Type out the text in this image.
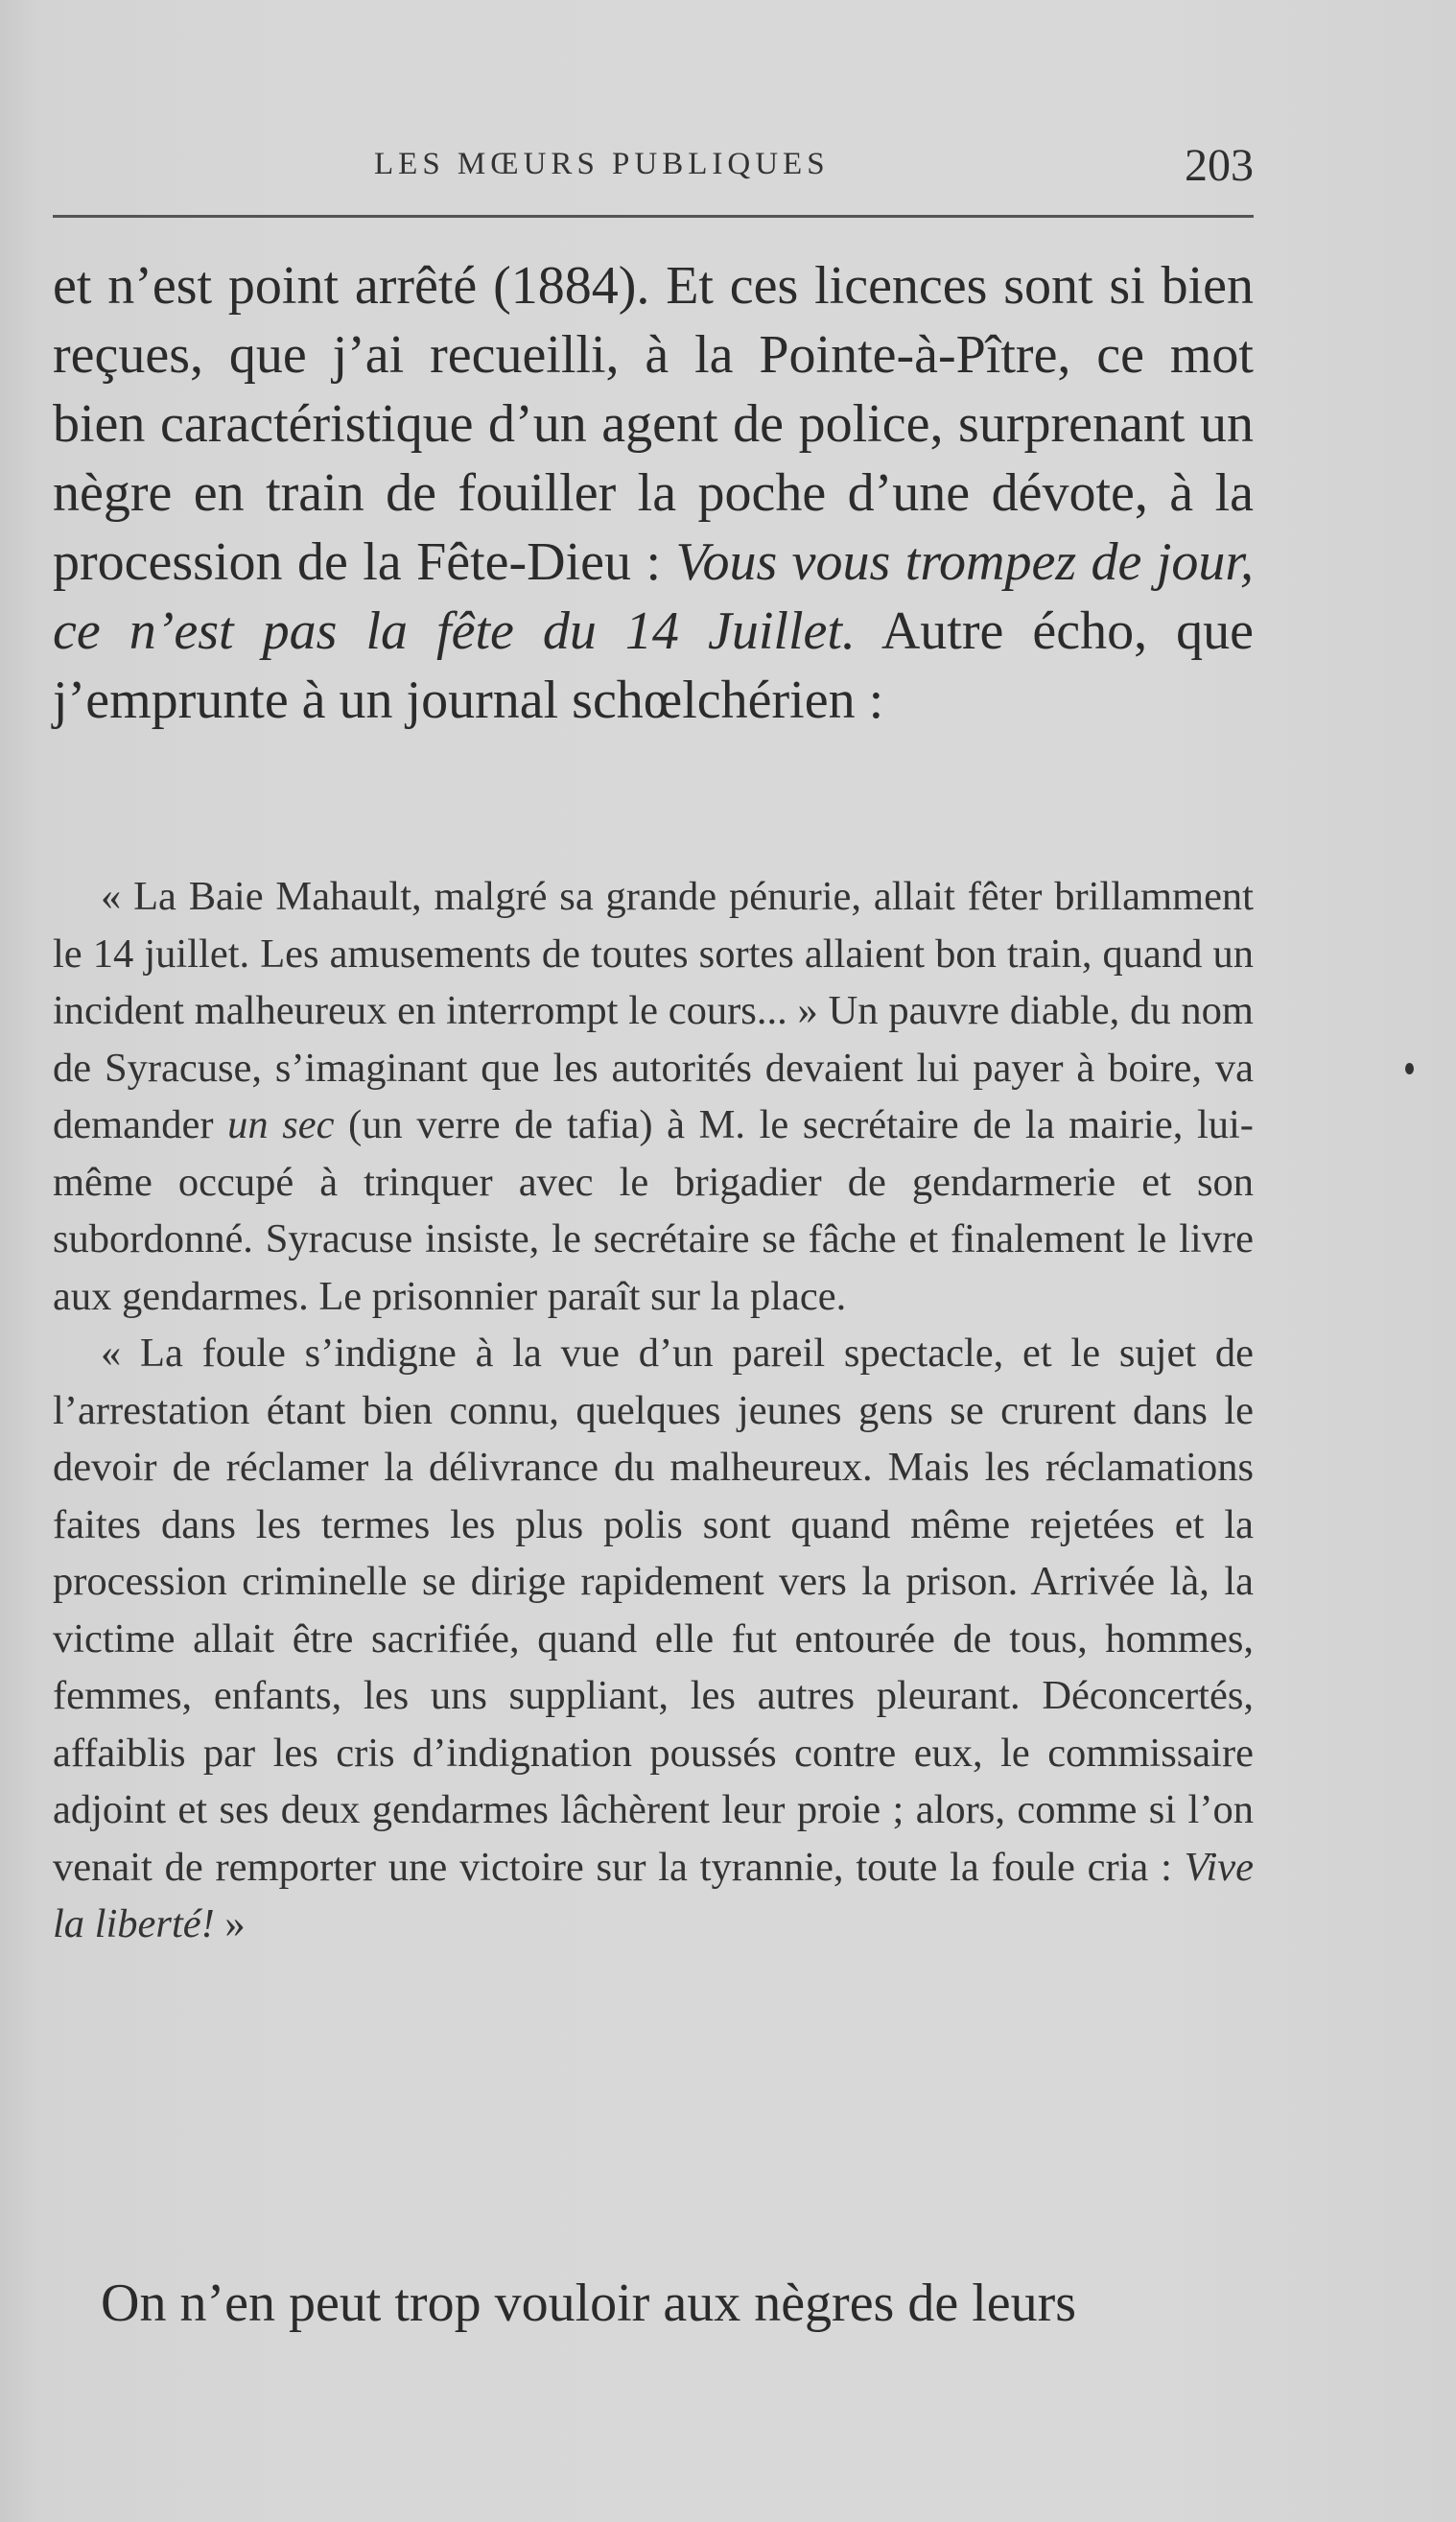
LES MŒURS PUBLIQUES	203

et n’est point arrêté (1884). Et ces licences sont si bien reçues, que j’ai recueilli, à la Pointe-à-Pître, ce mot bien caractéristique d’un agent de police, surprenant un nègre en train de fouiller la poche d’une dévote, à la procession de la Fête-Dieu : Vous vous trompez de jour, ce n’est pas la fête du 14 Juillet. Autre écho, que j’emprunte à un journal schœlchérien :

« La Baie Mahault, malgré sa grande pénurie, allait fêter brillamment le 14 juillet. Les amusements de toutes sortes allaient bon train, quand un incident malheureux en interrompt le cours... » Un pauvre diable, du nom de Syracuse, s’imaginant que les autorités devaient lui payer à boire, va demander un sec (un verre de tafia) à M. le secrétaire de la mairie, lui-même occupé à trinquer avec le brigadier de gendarmerie et son subordonné. Syracuse insiste, le secrétaire se fâche et finalement le livre aux gendarmes. Le prisonnier paraît sur la place.

« La foule s’indigne à la vue d’un pareil spectacle, et le sujet de l’arrestation étant bien connu, quelques jeunes gens se crurent dans le devoir de réclamer la délivrance du malheureux. Mais les réclamations faites dans les termes les plus polis sont quand même rejetées et la procession criminelle se dirige rapidement vers la prison. Arrivée là, la victime allait être sacrifiée, quand elle fut entourée de tous, hommes, femmes, enfants, les uns suppliant, les autres pleurant. Déconcertés, affaiblis par les cris d’indignation poussés contre eux, le commissaire adjoint et ses deux gendarmes lâchèrent leur proie ; alors, comme si l’on venait de remporter une victoire sur la tyrannie, toute la foule cria : Vive la liberté! »

On n’en peut trop vouloir aux nègres de leurs
